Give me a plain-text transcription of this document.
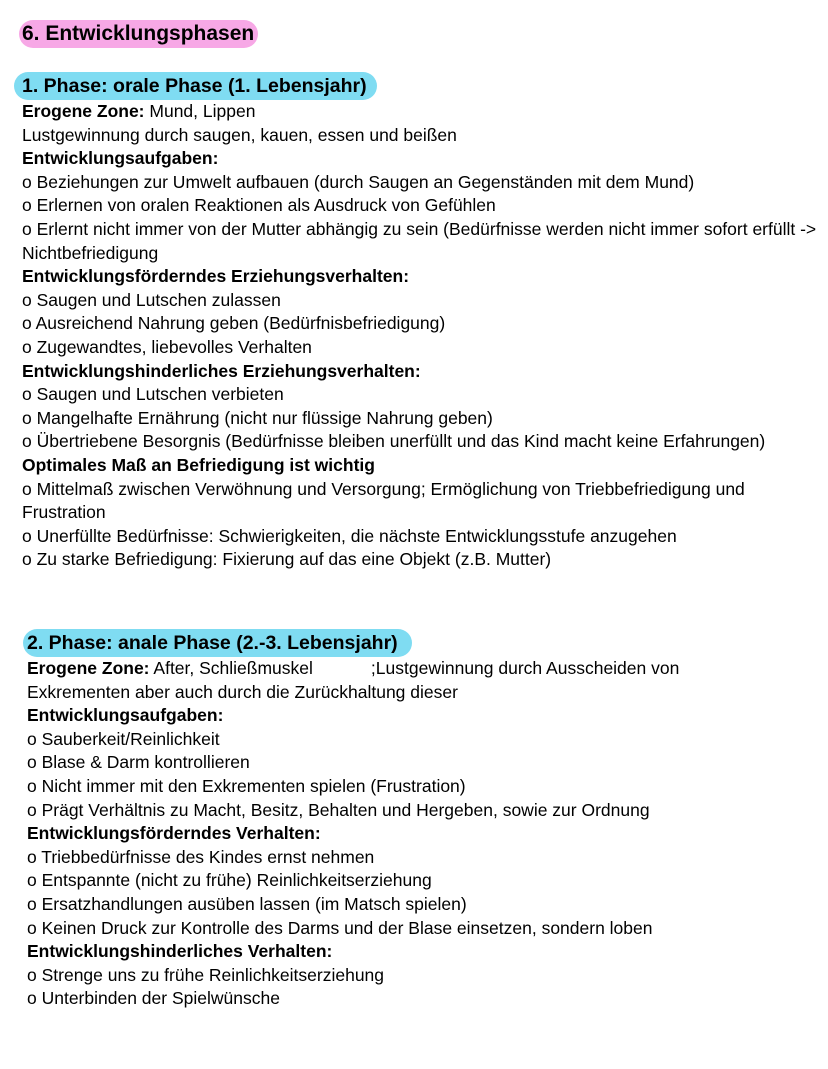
6. Entwicklungsphasen
1. Phase: orale Phase (1. Lebensjahr)

Erogene Zone: Mund, Lippen

Lustgewinnung durch saugen, kauen, essen und beißen

Entwicklungsaufgaben:

o Beziehungen zur Umwelt aufbauen (durch Saugen an Gegenständen mit dem Mund)

o Erlernen von oralen Reaktionen als Ausdruck von Gefühlen

o Erlernt nicht immer von der Mutter abhängig zu sein (Bedürfnisse werden nicht immer sofort erfüllt -> Nichtbefriedigung

Entwicklungsförderndes Erziehungsverhalten:

o Saugen und Lutschen zulassen

o Ausreichend Nahrung geben (Bedürfnisbefriedigung)

o Zugewandtes, liebevolles Verhalten

Entwicklungshinderliches Erziehungsverhalten:

o Saugen und Lutschen verbieten

o Mangelhafte Ernährung (nicht nur flüssige Nahrung geben)

o Übertriebene Besorgnis (Bedürfnisse bleiben unerfüllt und das Kind macht keine Erfahrungen)

Optimales Maß an Befriedigung ist wichtig

o Mittelmaß zwischen Verwöhnung und Versorgung; Ermöglichung von Triebbefriedigung und Frustration

o Unerfüllte Bedürfnisse: Schwierigkeiten, die nächste Entwicklungsstufe anzugehen

o Zu starke Befriedigung: Fixierung auf das eine Objekt (z.B. Mutter)

2. Phase: anale Phase (2.-3. Lebensjahr)

Erogene Zone: After, Schließmuskel	;Lustgewinnung durch Ausscheiden von

Exkrementen aber auch durch die Zurückhaltung dieser

Entwicklungsaufgaben:

o Sauberkeit/Reinlichkeit

o Blase & Darm kontrollieren

o Nicht immer mit den Exkrementen spielen (Frustration)

o Prägt Verhältnis zu Macht, Besitz, Behalten und Hergeben, sowie zur Ordnung

Entwicklungsförderndes Verhalten:

o Triebbedürfnisse des Kindes ernst nehmen

o Entspannte (nicht zu frühe) Reinlichkeitserziehung

o Ersatzhandlungen ausüben lassen (im Matsch spielen)

o Keinen Druck zur Kontrolle des Darms und der Blase einsetzen, sondern loben

Entwicklungshinderliches Verhalten:

o Strenge uns zu frühe Reinlichkeitserziehung

o Unterbinden der Spielwünsche
